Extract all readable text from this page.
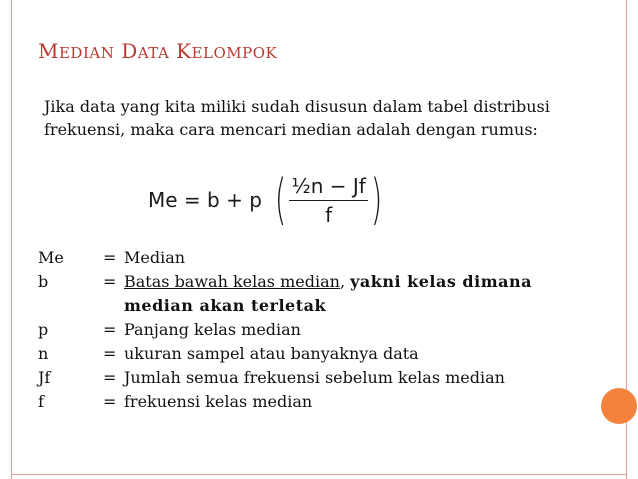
MEDIAN DATA KELOMPOK

Jika data yang kita miliki sudah disusun dalam tabel distribusi frekuensi, maka cara mencari median adalah dengan rumus:

Me = b + p ( $\frac{\text{½n − Jf}}{f}$ )
Me = Median
b	= Batas bawah kelas median, yakni kelas dimana median akan terletak
p	= Panjang kelas median
n	= ukuran sampel atau banyaknya data
Jf	= Jumlah semua frekuensi sebelum kelas median
f	= frekuensi kelas median
